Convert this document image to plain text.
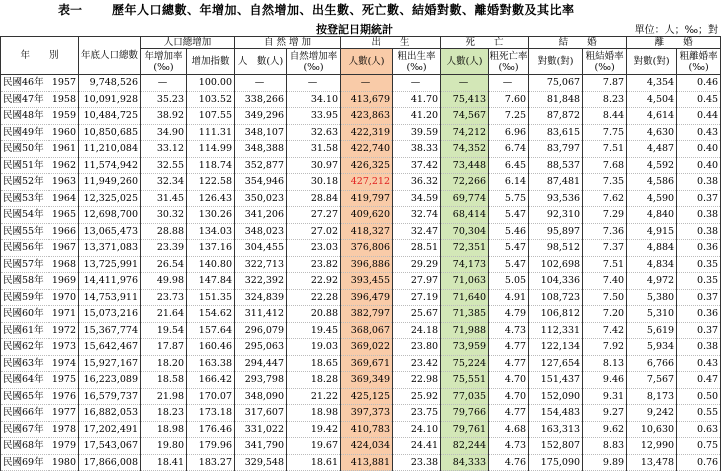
表一 歷年人口總數、年增加、自然增加、出生數、死亡數、結婚對數、離婚對數及其比率
按登記日期統計	單位：人；‰；對
年　　別		年底人口總數	人口總增加		自 然 增 加		出　　生		死　　亡		結　　婚		離　　婚	
			年增加率(‰)	增加指數	人　數(人)	自然增加率(‰)	人數(人)	粗出生率(‰)	人數(人)	粗死亡率(‰)	對數(對)	粗結婚率(‰)	對數(對)	粗離婚率(‰)
民國46年	1957	9,748,526	—	100.00	—	—	—	—	—	—	75,067	7.87	4,354	0.46
民國47年	1958	10,091,928	35.23	103.52	338,266	34.10	413,679	41.70	75,413	7.60	81,848	8.23	4,504	0.45
民國48年	1959	10,484,725	38.92	107.55	349,296	33.95	423,863	41.20	74,567	7.25	87,872	8.44	4,614	0.44
民國49年	1960	10,850,685	34.90	111.31	348,107	32.63	422,319	39.59	74,212	6.96	83,615	7.75	4,630	0.43
民國50年	1961	11,210,084	33.12	114.99	348,388	31.58	422,740	38.33	74,352	6.74	83,797	7.51	4,487	0.40
民國51年	1962	11,574,942	32.55	118.74	352,877	30.97	426,325	37.42	73,448	6.45	88,537	7.68	4,592	0.40
民國52年	1963	11,949,260	32.34	122.58	354,946	30.18	427,212	36.32	72,266	6.14	87,481	7.35	4,586	0.38
民國53年	1964	12,325,025	31.45	126.43	350,023	28.84	419,797	34.59	69,774	5.75	93,536	7.62	4,590	0.37
民國54年	1965	12,698,700	30.32	130.26	341,206	27.27	409,620	32.74	68,414	5.47	92,310	7.29	4,840	0.38
民國55年	1966	13,065,473	28.88	134.03	348,023	27.02	418,327	32.47	70,304	5.46	95,897	7.36	4,915	0.38
民國56年	1967	13,371,083	23.39	137.16	304,455	23.03	376,806	28.51	72,351	5.47	98,512	7.37	4,884	0.36
民國57年	1968	13,725,991	26.54	140.80	322,713	23.82	396,886	29.29	74,173	5.47	102,698	7.51	4,834	0.35
民國58年	1969	14,411,976	49.98	147.84	322,392	22.92	393,455	27.97	71,063	5.05	104,336	7.40	4,972	0.35
民國59年	1970	14,753,911	23.73	151.35	324,839	22.28	396,479	27.19	71,640	4.91	108,723	7.50	5,380	0.37
民國60年	1971	15,073,216	21.64	154.62	311,412	20.88	382,797	25.67	71,385	4.79	106,812	7.20	5,310	0.36
民國61年	1972	15,367,774	19.54	157.64	296,079	19.45	368,067	24.18	71,988	4.73	112,331	7.42	5,619	0.37
民國62年	1973	15,642,467	17.87	160.46	295,063	19.03	369,022	23.80	73,959	4.77	122,134	7.92	5,934	0.38
民國63年	1974	15,927,167	18.20	163.38	294,447	18.65	369,671	23.42	75,224	4.77	127,654	8.13	6,766	0.43
民國64年	1975	16,223,089	18.58	166.42	293,798	18.28	369,349	22.98	75,551	4.70	151,437	9.46	7,567	0.47
民國65年	1976	16,579,737	21.98	170.07	348,090	21.22	425,125	25.92	77,035	4.70	152,090	9.31	8,173	0.50
民國66年	1977	16,882,053	18.23	173.18	317,607	18.98	397,373	23.75	79,766	4.77	154,483	9.27	9,242	0.55
民國67年	1978	17,202,491	18.98	176.46	331,022	19.42	410,783	24.10	79,761	4.68	163,313	9.62	10,630	0.63
民國68年	1979	17,543,067	19.80	179.96	341,790	19.67	424,034	24.41	82,244	4.73	152,807	8.83	12,990	0.75
民國69年	1980	17,866,008	18.41	183.27	329,548	18.61	413,881	23.38	84,333	4.76	175,090	9.89	13,478	0.76
